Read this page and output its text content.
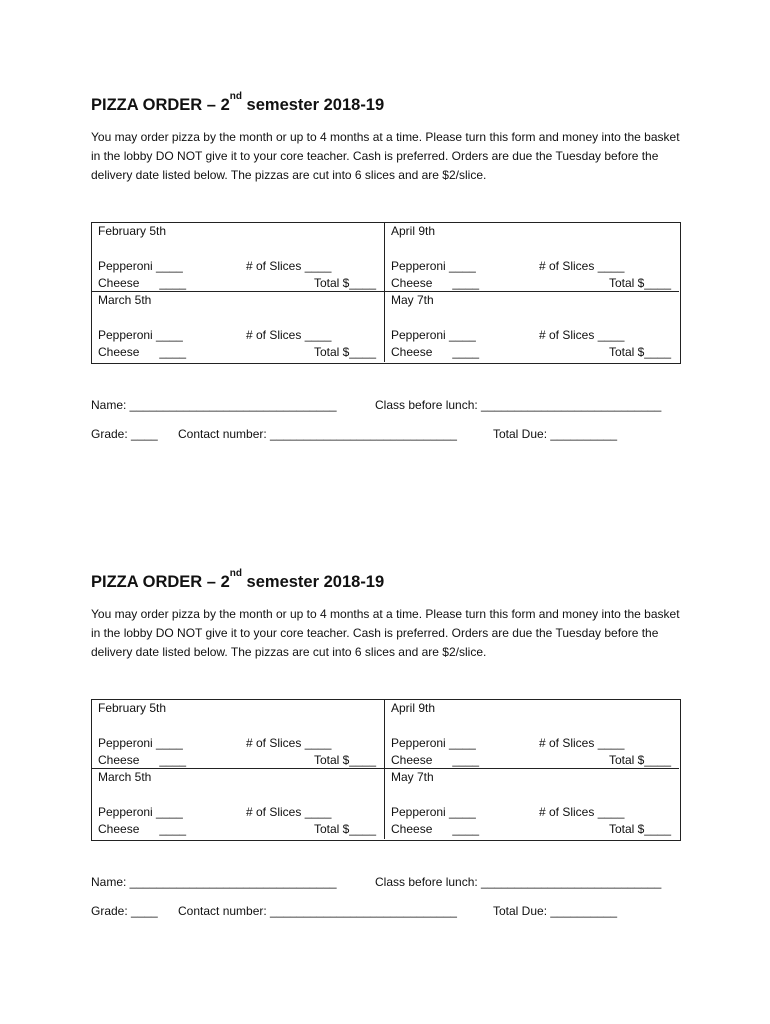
PIZZA ORDER – 2nd semester 2018-19

You may order pizza by the month or up to 4 months at a time. Please turn this form and money into the basket in the lobby DO NOT give it to your core teacher. Cash is preferred. Orders are due the Tuesday before the delivery date listed below. The pizzas are cut into 6 slices and are $2/slice.

February 5th
Pepperoni ____
Cheese      ____
# of Slices ____
Total $____
April 9th
Pepperoni ____
Cheese      ____
# of Slices ____
Total $____
March 5th
Pepperoni ____
Cheese      ____
# of Slices ____
Total $____
May 7th
Pepperoni ____
Cheese      ____
# of Slices ____
Total $____
Name: _______________________________	Class before lunch: ___________________________
Grade: ____ Contact number: ____________________________	Total Due: __________
PIZZA ORDER – 2nd semester 2018-19

You may order pizza by the month or up to 4 months at a time. Please turn this form and money into the basket in the lobby DO NOT give it to your core teacher. Cash is preferred. Orders are due the Tuesday before the delivery date listed below. The pizzas are cut into 6 slices and are $2/slice.

February 5th
Pepperoni ____
Cheese      ____
# of Slices ____
Total $____
April 9th
Pepperoni ____
Cheese      ____
# of Slices ____
Total $____
March 5th
Pepperoni ____
Cheese      ____
# of Slices ____
Total $____
May 7th
Pepperoni ____
Cheese      ____
# of Slices ____
Total $____
Name: _______________________________	Class before lunch: ___________________________
Grade: ____ Contact number: ____________________________	Total Due: __________
